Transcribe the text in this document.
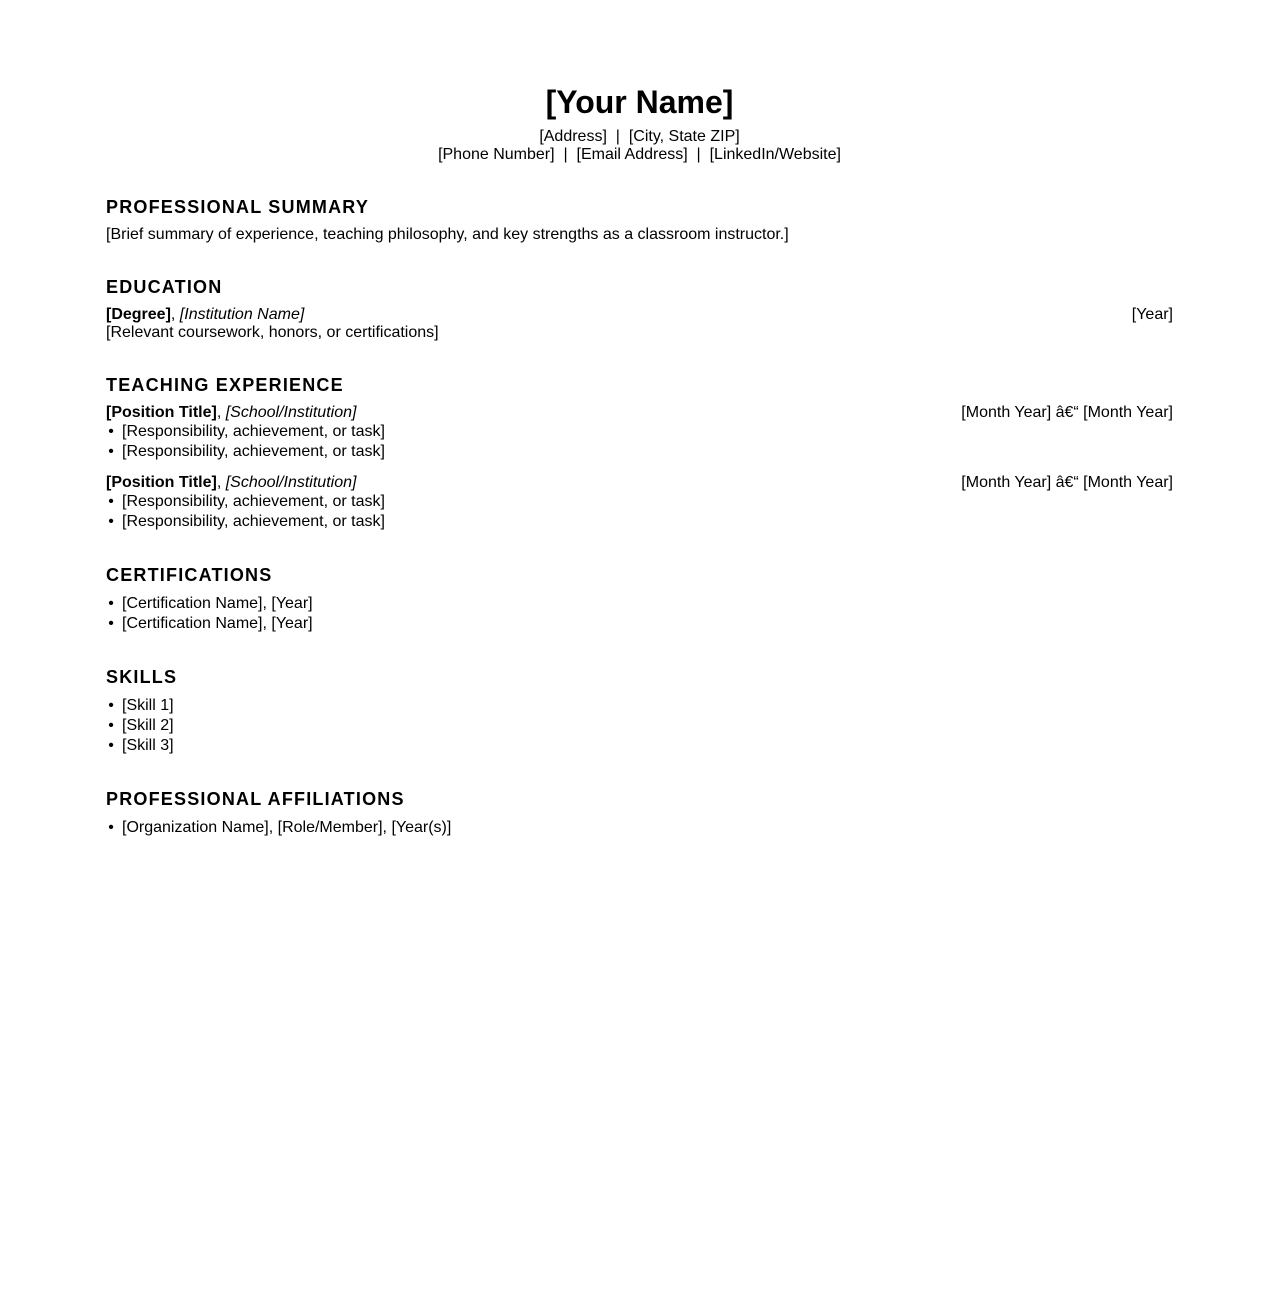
[Your Name]
[Address]  |  [City, State ZIP]
[Phone Number]  |  [Email Address]  |  [LinkedIn/Website]
PROFESSIONAL SUMMARY
[Brief summary of experience, teaching philosophy, and key strengths as a classroom instructor.]
EDUCATION
[Degree], [Institution Name]	[Year]
[Relevant coursework, honors, or certifications]
TEACHING EXPERIENCE
[Position Title], [School/Institution]	[Month Year] â€“ [Month Year]
• [Responsibility, achievement, or task]
• [Responsibility, achievement, or task]
[Position Title], [School/Institution]	[Month Year] â€“ [Month Year]
• [Responsibility, achievement, or task]
• [Responsibility, achievement, or task]
CERTIFICATIONS
• [Certification Name], [Year]
• [Certification Name], [Year]
SKILLS
• [Skill 1]
• [Skill 2]
• [Skill 3]
PROFESSIONAL AFFILIATIONS
• [Organization Name], [Role/Member], [Year(s)]
